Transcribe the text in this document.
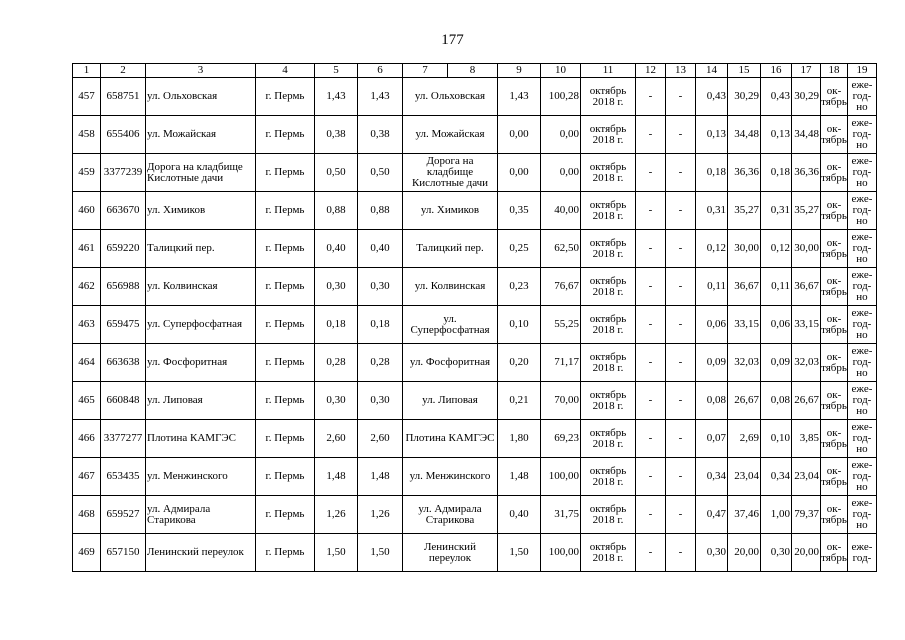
177
1	2	3	4	5	6	7	8	9	10	11	12	13	14	15	16	17	18	19
457	658751	ул. Ольховская	г. Пермь	1,43	1,43	ул. Ольховская		1,43	100,28	октябрь 2018 г.	-	-	0,43	30,29	0,43	30,29	ок-тябрь	еже-год-но
458	655406	ул. Можайская	г. Пермь	0,38	0,38	ул. Можайская		0,00	0,00	октябрь 2018 г.	-	-	0,13	34,48	0,13	34,48	ок-тябрь	еже-год-но
459	3377239	Дорога на кладбище Кислотные дачи	г. Пермь	0,50	0,50	Дорога на кладбище Кислотные дачи		0,00	0,00	октябрь 2018 г.	-	-	0,18	36,36	0,18	36,36	ок-тябрь	еже-год-но
460	663670	ул. Химиков	г. Пермь	0,88	0,88	ул. Химиков		0,35	40,00	октябрь 2018 г.	-	-	0,31	35,27	0,31	35,27	ок-тябрь	еже-год-но
461	659220	Талицкий пер.	г. Пермь	0,40	0,40	Талицкий пер.		0,25	62,50	октябрь 2018 г.	-	-	0,12	30,00	0,12	30,00	ок-тябрь	еже-год-но
462	656988	ул. Колвинская	г. Пермь	0,30	0,30	ул. Колвинская		0,23	76,67	октябрь 2018 г.	-	-	0,11	36,67	0,11	36,67	ок-тябрь	еже-год-но
463	659475	ул. Суперфосфатная	г. Пермь	0,18	0,18	ул. Суперфосфатная		0,10	55,25	октябрь 2018 г.	-	-	0,06	33,15	0,06	33,15	ок-тябрь	еже-год-но
464	663638	ул. Фосфоритная	г. Пермь	0,28	0,28	ул. Фосфоритная		0,20	71,17	октябрь 2018 г.	-	-	0,09	32,03	0,09	32,03	ок-тябрь	еже-год-но
465	660848	ул. Липовая	г. Пермь	0,30	0,30	ул. Липовая		0,21	70,00	октябрь 2018 г.	-	-	0,08	26,67	0,08	26,67	ок-тябрь	еже-год-но
466	3377277	Плотина КАМГЭС	г. Пермь	2,60	2,60	Плотина КАМГЭС		1,80	69,23	октябрь 2018 г.	-	-	0,07	2,69	0,10	3,85	ок-тябрь	еже-год-но
467	653435	ул. Менжинского	г. Пермь	1,48	1,48	ул. Менжинского		1,48	100,00	октябрь 2018 г.	-	-	0,34	23,04	0,34	23,04	ок-тябрь	еже-год-но
468	659527	ул. Адмирала Старикова	г. Пермь	1,26	1,26	ул. Адмирала Старикова		0,40	31,75	октябрь 2018 г.	-	-	0,47	37,46	1,00	79,37	ок-тябрь	еже-год-но
469	657150	Ленинский переулок	г. Пермь	1,50	1,50	Ленинский переулок		1,50	100,00	октябрь 2018 г.	-	-	0,30	20,00	0,30	20,00	ок-тябрь	еже-год-
